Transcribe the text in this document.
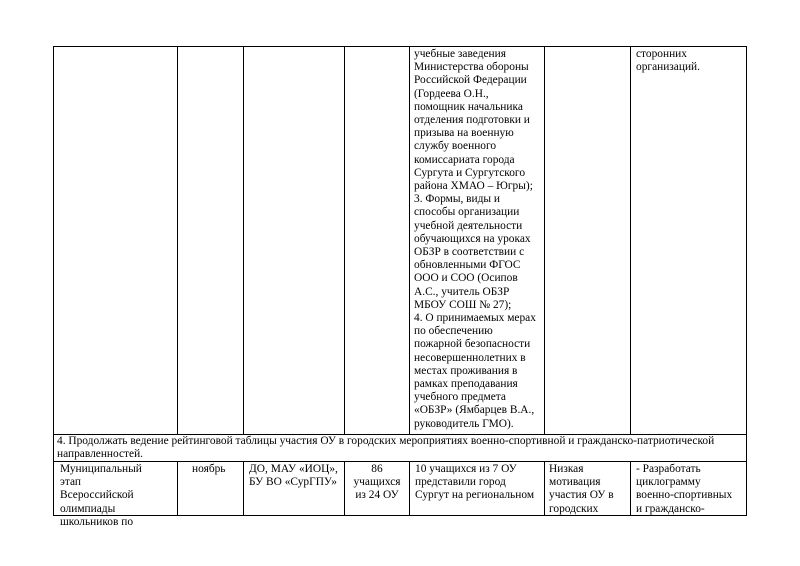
учебные заведения
Министерства обороны
Российской Федерации
(Гордеева О.Н.,
помощник начальника
отделения подготовки и
призыва на военную
службу военного
комиссариата города
Сургута и Сургутского
района ХМАО – Югры);
3. Формы, виды и
способы организации
учебной деятельности
обучающихся на уроках
ОБЗР в соответствии с
обновленными ФГОС
ООО и СОО (Осипов
А.С., учитель ОБЗР
МБОУ СОШ № 27);
4. О принимаемых мерах
по обеспечению
пожарной безопасности
несовершеннолетних в
местах проживания в
рамках преподавания
учебного предмета
«ОБЗР» (Ямбарцев В.А.,
руководитель ГМО).
сторонних
организаций.
4. Продолжать ведение рейтинговой таблицы участия ОУ в городских мероприятиях военно-спортивной и гражданско-патриотической
направленностей.
Муниципальный этап
Всероссийской
олимпиады
школьников по
ноябрь	ДО, МАУ «ИОЦ»,
БУ ВО «СурГПУ»
86
учащихся
из 24 ОУ
10 учащихся из 7 ОУ
представили город
Сургут на региональном
Низкая
мотивация
участия ОУ в
городских
- Разработать
циклограмму
военно-спортивных
и гражданско-
